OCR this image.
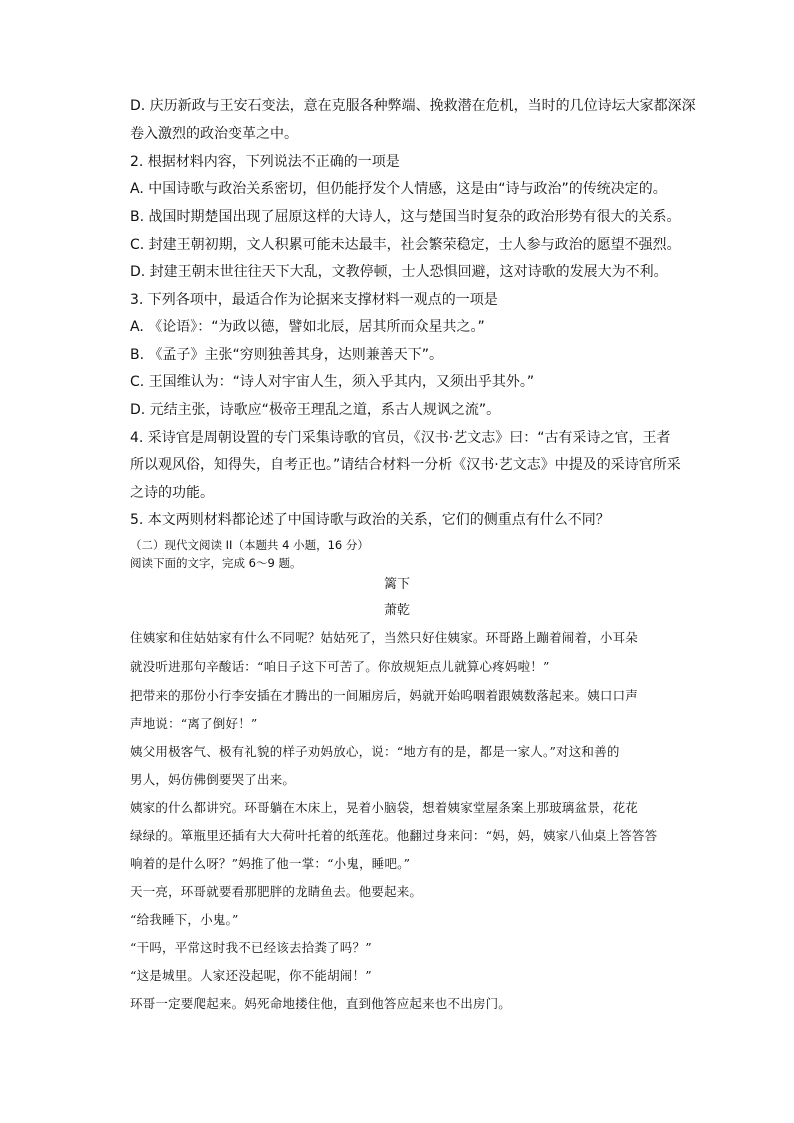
D. 庆历新政与王安石变法，意在克服各种弊端、挽救潜在危机，当时的几位诗坛大家都深深
卷入激烈的政治变革之中。
2. 根据材料内容，下列说法不正确的一项是
A. 中国诗歌与政治关系密切，但仍能抒发个人情感，这是由“诗与政治”的传统决定的。
B. 战国时期楚国出现了屈原这样的大诗人，这与楚国当时复杂的政治形势有很大的关系。
C. 封建王朝初期，文人积累可能未达最丰，社会繁荣稳定，士人参与政治的愿望不强烈。
D. 封建王朝末世往往天下大乱，文教停顿，士人恐惧回避，这对诗歌的发展大为不利。
3. 下列各项中，最适合作为论据来支撑材料一观点的一项是
A. 《论语》：“为政以德，譬如北辰，居其所而众星共之。”
B. 《孟子》主张“穷则独善其身，达则兼善天下”。
C. 王国维认为：“诗人对宇宙人生，须入乎其内，又须出乎其外。”
D. 元结主张，诗歌应“极帝王理乱之道，系古人规讽之流”。
4. 采诗官是周朝设置的专门采集诗歌的官员，《汉书·艺文志》曰：“古有采诗之官，王者
所以观风俗，知得失，自考正也。”请结合材料一分析《汉书·艺文志》中提及的采诗官所采
之诗的功能。
5. 本文两则材料都论述了中国诗歌与政治的关系，它们的侧重点有什么不同？
（二）现代文阅读 II（本题共 4 小题，16 分）
阅读下面的文字，完成 6～9 题。
篱下
萧乾
住姨家和住姑姑家有什么不同呢？姑姑死了，当然只好住姨家。环哥路上蹦着闹着，小耳朵
就没听进那句辛酸话：“咱日子这下可苦了。你放规矩点儿就算心疼妈啦！”
把带来的那份小行李安插在才腾出的一间厢房后，妈就开始呜咽着跟姨数落起来。姨口口声
声地说：“离了倒好！”
姨父用极客气、极有礼貌的样子劝妈放心，说：“地方有的是，都是一家人。”对这和善的
男人，妈仿佛倒要哭了出来。
姨家的什么都讲究。环哥躺在木床上，晃着小脑袋，想着姨家堂屋条案上那玻璃盆景，花花
绿绿的。箪瓶里还插有大大荷叶托着的纸莲花。他翻过身来问：“妈，妈，姨家八仙桌上答答答
响着的是什么呀？”妈推了他一掌：“小鬼，睡吧。”
天一亮，环哥就要看那肥胖的龙睛鱼去。他要起来。
“给我睡下，小鬼。”
“干吗，平常这时我不已经该去拾粪了吗？”
“这是城里。人家还没起呢，你不能胡闹！”
环哥一定要爬起来。妈死命地搂住他，直到他答应起来也不出房门。
